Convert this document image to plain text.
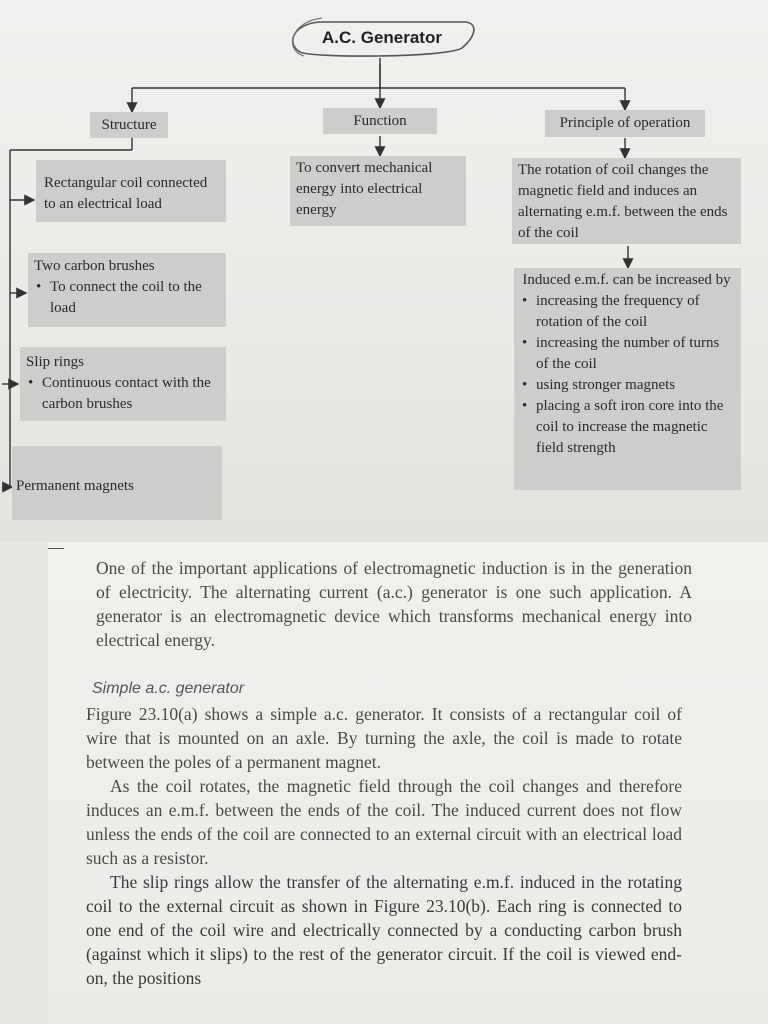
A.C. Generator
Structure	Function	Principle of operation
Rectangular coil connected
to an electrical load
Two carbon brushes
• To connect the coil to the load
Slip rings
• Continuous contact with the carbon brushes
Permanent magnets
To convert mechanical energy into electrical energy
The rotation of coil changes the magnetic field and induces an alternating e.m.f. between the ends of the coil
Induced e.m.f. can be increased by
• increasing the frequency of rotation of the coil
• increasing the number of turns of the coil
• using stronger magnets
• placing a soft iron core into the coil to increase the magnetic field strength

One of the important applications of electromagnetic induction is in the generation of electricity. The alternating current (a.c.) generator is one such application. A generator is an electromagnetic device which transforms mechanical energy into electrical energy.

Simple a.c. generator

Figure 23.10(a) shows a simple a.c. generator. It consists of a rectangular coil of wire that is mounted on an axle. By turning the axle, the coil is made to rotate between the poles of a permanent magnet.

As the coil rotates, the magnetic field through the coil changes and therefore induces an e.m.f. between the ends of the coil. The induced current does not flow unless the ends of the coil are connected to an external circuit with an electrical load such as a resistor.

The slip rings allow the transfer of the alternating e.m.f. induced in the rotating coil to the external circuit as shown in Figure 23.10(b). Each ring is connected to one end of the coil wire and electrically connected by a conducting carbon brush (against which it slips) to the rest of the generator circuit. If the coil is viewed end-on, the positions
